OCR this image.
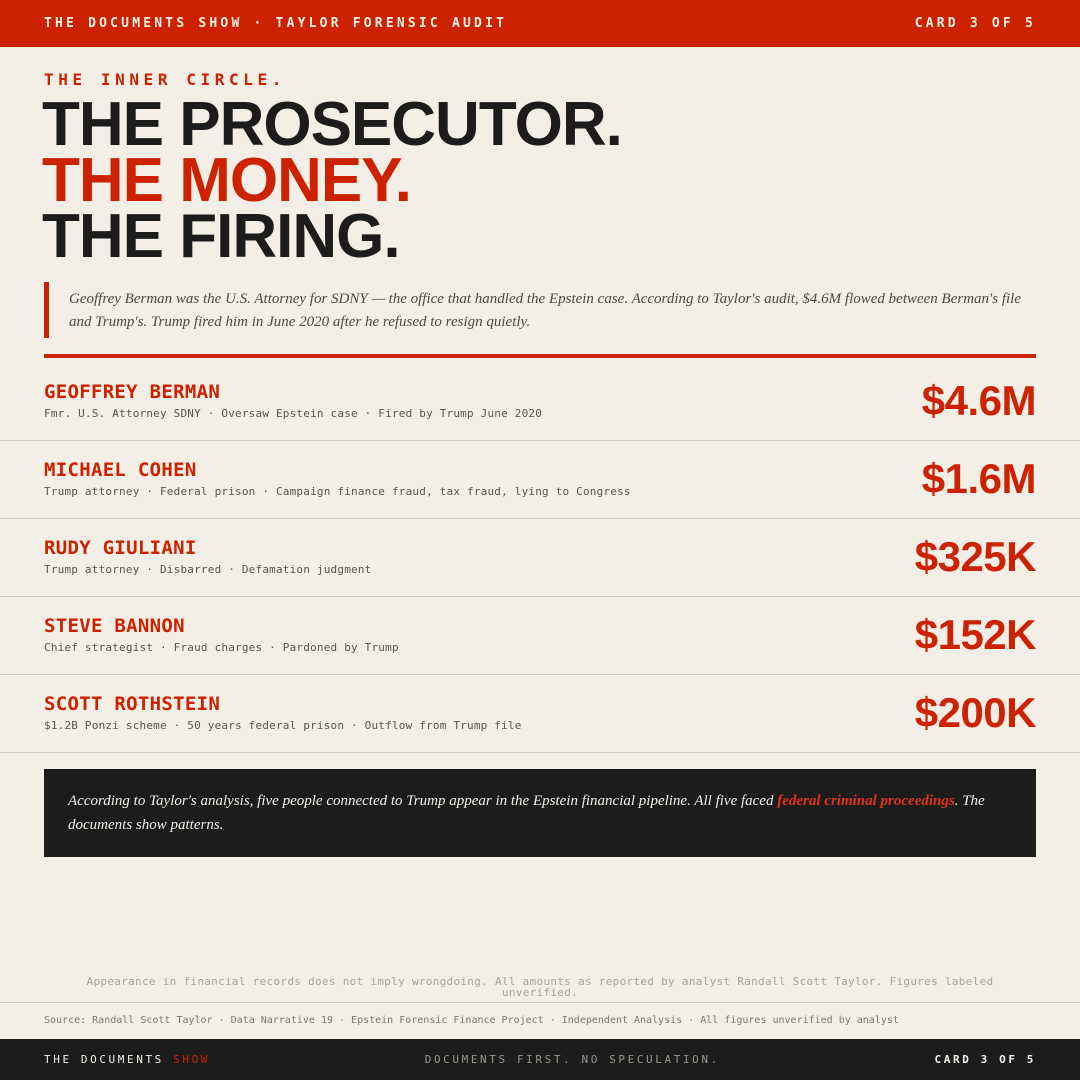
THE DOCUMENTS SHOW · TAYLOR FORENSIC AUDIT	CARD 3 OF 5
THE INNER CIRCLE.
THE PROSECUTOR.
THE MONEY.
THE FIRING.

Geoffrey Berman was the U.S. Attorney for SDNY — the office that handled the Epstein case. According to Taylor's audit, $4.6M flowed between Berman's file and Trump's. Trump fired him in June 2020 after he refused to resign quietly.

GEOFFREY BERMAN
Fmr. U.S. Attorney SDNY · Oversaw Epstein case · Fired by Trump June 2020	$4.6M
MICHAEL COHEN
Trump attorney · Federal prison · Campaign finance fraud, tax fraud, lying to Congress	$1.6M
RUDY GIULIANI
Trump attorney · Disbarred · Defamation judgment	$325K
STEVE BANNON
Chief strategist · Fraud charges · Pardoned by Trump	$152K
SCOTT ROTHSTEIN
$1.2B Ponzi scheme · 50 years federal prison · Outflow from Trump file	$200K

According to Taylor's analysis, five people connected to Trump appear in the Epstein financial pipeline. All five faced federal criminal proceedings. The documents show patterns.

Appearance in financial records does not imply wrongdoing. All amounts as reported by analyst Randall Scott Taylor. Figures labeled unverified.
Source: Randall Scott Taylor · Data Narrative 19 · Epstein Forensic Finance Project · Independent Analysis · All figures unverified by analyst
THE DOCUMENTS SHOW	DOCUMENTS FIRST. NO SPECULATION.	CARD 3 OF 5
